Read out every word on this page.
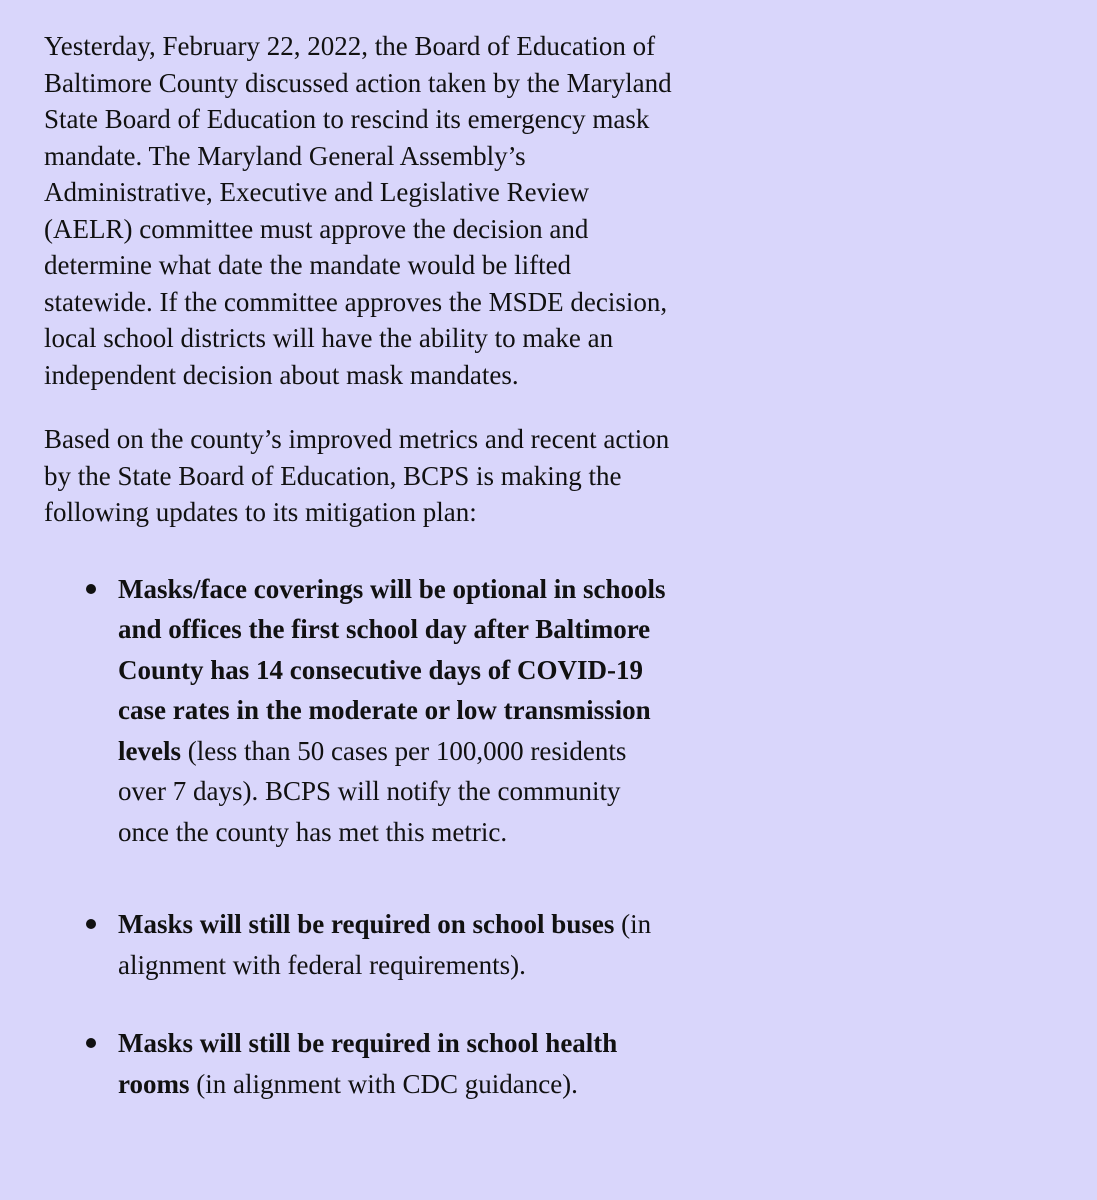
Yesterday, February 22, 2022, the Board of Education of Baltimore County discussed action taken by the Maryland State Board of Education to rescind its emergency mask mandate. The Maryland General Assembly’s Administrative, Executive and Legislative Review (AELR) committee must approve the decision and determine what date the mandate would be lifted statewide. If the committee approves the MSDE decision, local school districts will have the ability to make an independent decision about mask mandates.

Based on the county’s improved metrics and recent action by the State Board of Education, BCPS is making the following updates to its mitigation plan:

Masks/face coverings will be optional in schools and offices the first school day after Baltimore County has 14 consecutive days of COVID-19 case rates in the moderate or low transmission levels (less than 50 cases per 100,000 residents over 7 days). BCPS will notify the community once the county has met this metric.
Masks will still be required on school buses (in alignment with federal requirements).
Masks will still be required in school health rooms (in alignment with CDC guidance).
